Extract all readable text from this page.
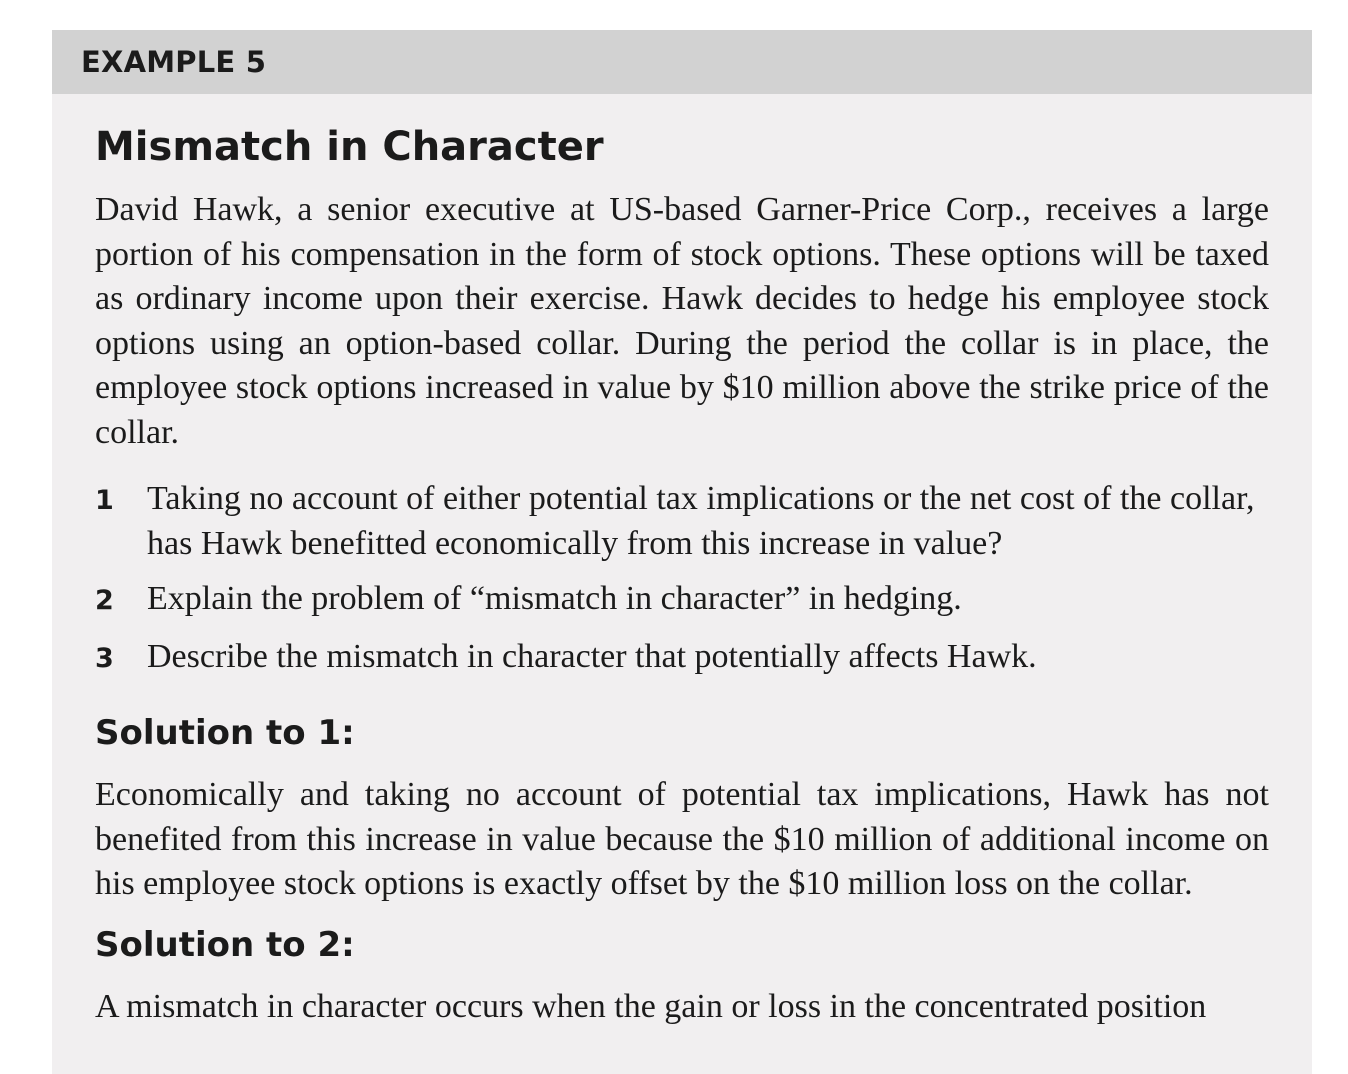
EXAMPLE 5
Mismatch in Character

David Hawk, a senior executive at US-based Garner-Price Corp., receives a large portion of his compensation in the form of stock options. These options will be taxed as ordinary income upon their exercise. Hawk decides to hedge his employee stock options using an option-based collar. During the period the collar is in place, the employee stock options increased in value by $10 million above the strike price of the collar.

1 Taking no account of either potential tax implications or the net cost of the collar, has Hawk benefitted economically from this increase in value?
2 Explain the problem of “mismatch in character” in hedging.
3 Describe the mismatch in character that potentially affects Hawk.
Solution to 1:

Economically and taking no account of potential tax implications, Hawk has not benefited from this increase in value because the $10 million of additional income on his employee stock options is exactly offset by the $10 million loss on the collar.

Solution to 2:

A mismatch in character occurs when the gain or loss in the concentrated position
